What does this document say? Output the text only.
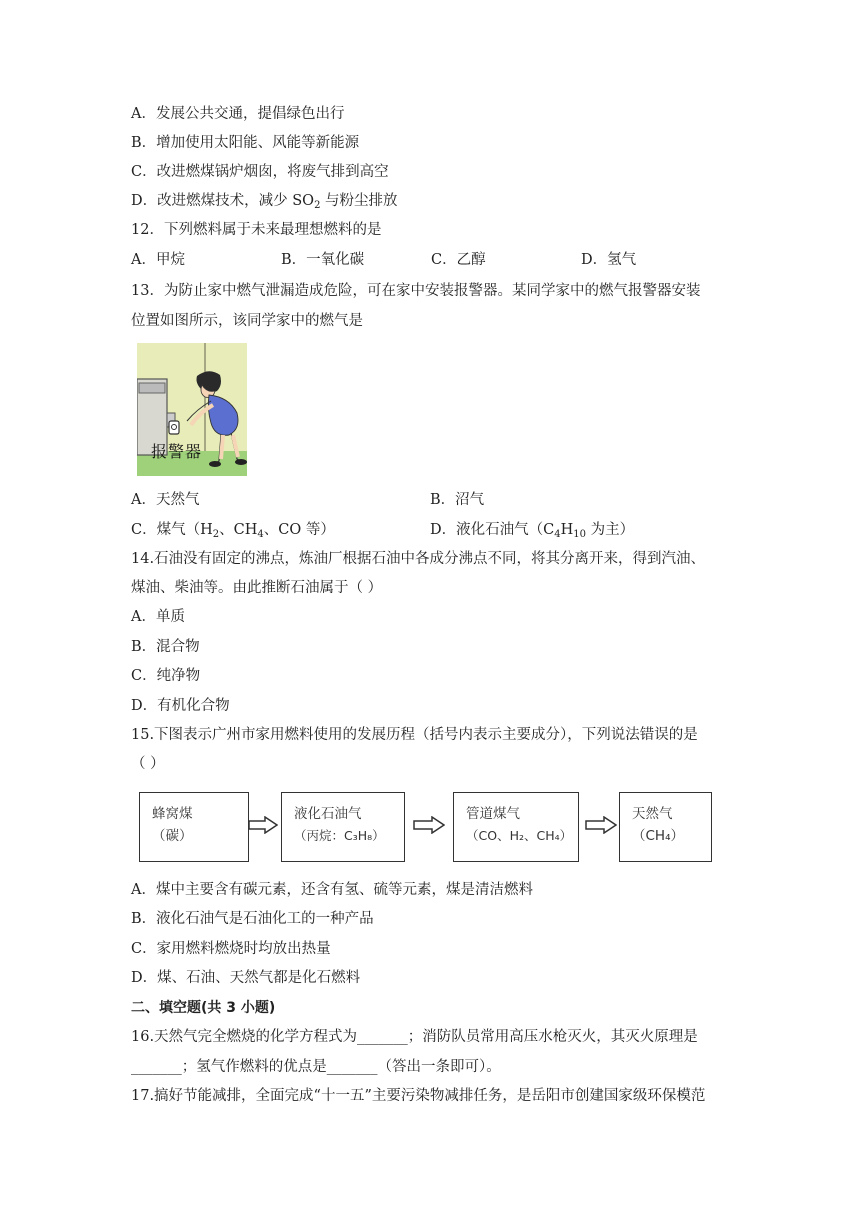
A．发展公共交通，提倡绿色出行
B．增加使用太阳能、风能等新能源
C．改进燃煤锅炉烟囱，将废气排到高空
D．改进燃煤技术，减少 $SO_2$ 与粉尘排放
12．下列燃料属于未来最理想燃料的是
A．甲烷	B．一氧化碳	C．乙醇	D．氢气
13．为防止家中燃气泄漏造成危险，可在家中安装报警器。某同学家中的燃气报警器安装
位置如图所示，该同学家中的燃气是
报警器
A．天然气	B．沼气
C．煤气（$H_2$、$CH_4$、CO 等）	D．液化石油气（$C_4H_{10}$ 为主）
14.石油没有固定的沸点，炼油厂根据石油中各成分沸点不同，将其分离开来，得到汽油、
煤油、柴油等。由此推断石油属于（ ）
A．单质
B．混合物
C．纯净物
D．有机化合物
15.下图表示广州市家用燃料使用的发展历程（括号内表示主要成分），下列说法错误的是
（ ）
蜂窝煤
（碳）
液化石油气
（丙烷：C₃H₈）
管道煤气
（CO、H₂、CH₄）
天然气
（CH₄）
A．煤中主要含有碳元素，还含有氢、硫等元素，煤是清洁燃料
B．液化石油气是石油化工的一种产品
C．家用燃料燃烧时均放出热量
D．煤、石油、天然气都是化石燃料
二、填空题(共 3 小题)
16.天然气完全燃烧的化学方程式为_______；消防队员常用高压水枪灭火，其灭火原理是
_______；氢气作燃料的优点是_______（答出一条即可）。
17.搞好节能减排，全面完成“十一五”主要污染物减排任务，是岳阳市创建国家级环保模范
